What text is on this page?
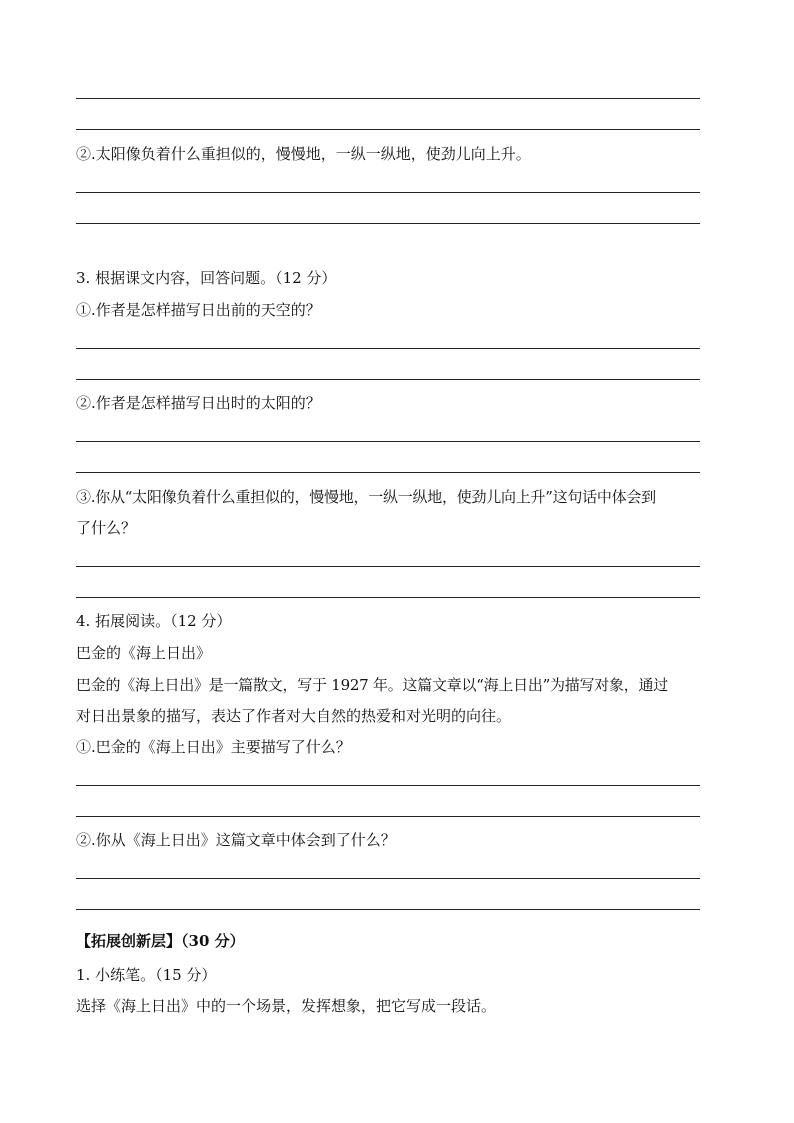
②.太阳像负着什么重担似的，慢慢地，一纵一纵地，使劲儿向上升。
3. 根据课文内容，回答问题。（12 分）
①.作者是怎样描写日出前的天空的？
②.作者是怎样描写日出时的太阳的？
③.你从“太阳像负着什么重担似的，慢慢地，一纵一纵地，使劲儿向上升”这句话中体会到
了什么？
4. 拓展阅读。（12 分）
巴金的《海上日出》
巴金的《海上日出》是一篇散文，写于 1927 年。这篇文章以“海上日出”为描写对象，通过
对日出景象的描写，表达了作者对大自然的热爱和对光明的向往。
①.巴金的《海上日出》主要描写了什么？
②.你从《海上日出》这篇文章中体会到了什么？
【拓展创新层】（30 分）
1. 小练笔。（15 分）
选择《海上日出》中的一个场景，发挥想象，把它写成一段话。
